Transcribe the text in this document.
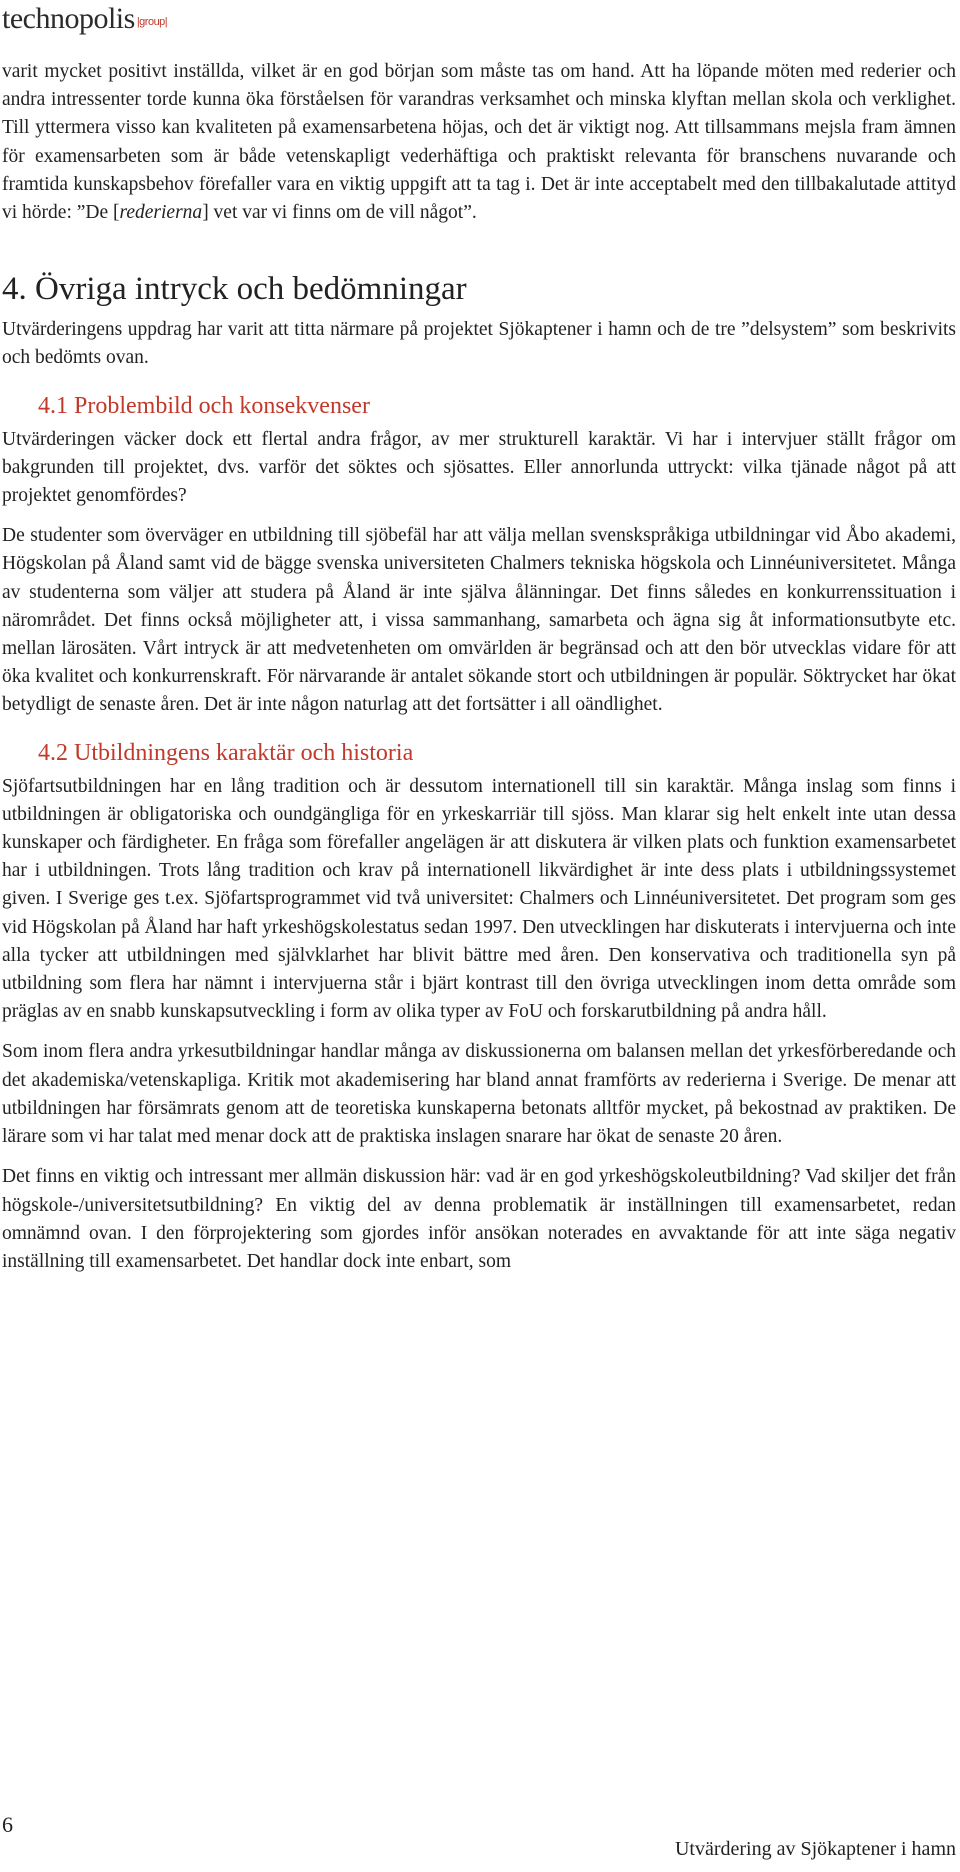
technopolis |group|

varit mycket positivt inställda, vilket är en god början som måste tas om hand. Att ha löpande möten med rederier och andra intressenter torde kunna öka förståelsen för varandras verksamhet och minska klyftan mellan skola och verklighet. Till yttermera visso kan kvaliteten på examensarbetena höjas, och det är viktigt nog. Att tillsammans mejsla fram ämnen för examensarbeten som är både vetenskapligt vederhäftiga och praktiskt relevanta för branschens nuvarande och framtida kunskapsbehov förefaller vara en viktig uppgift att ta tag i. Det är inte acceptabelt med den tillbakalutade attityd vi hörde: ”De [rederierna] vet var vi finns om de vill något”.

4. Övriga intryck och bedömningar

Utvärderingens uppdrag har varit att titta närmare på projektet Sjökaptener i hamn och de tre ”delsystem” som beskrivits och bedömts ovan.

4.1 Problembild och konsekvenser

Utvärderingen väcker dock ett flertal andra frågor, av mer strukturell karaktär. Vi har i intervjuer ställt frågor om bakgrunden till projektet, dvs. varför det söktes och sjösattes. Eller annorlunda uttryckt: vilka tjänade något på att projektet genomfördes?

De studenter som överväger en utbildning till sjöbefäl har att välja mellan svenskspråkiga utbildningar vid Åbo akademi, Högskolan på Åland samt vid de bägge svenska universiteten Chalmers tekniska högskola och Linnéuniversitetet. Många av studenterna som väljer att studera på Åland är inte själva ålänningar. Det finns således en konkurrenssituation i närområdet. Det finns också möjligheter att, i vissa sammanhang, samarbeta och ägna sig åt informationsutbyte etc. mellan lärosäten. Vårt intryck är att medvetenheten om omvärlden är begränsad och att den bör utvecklas vidare för att öka kvalitet och konkurrenskraft. För närvarande är antalet sökande stort och utbildningen är populär. Söktrycket har ökat betydligt de senaste åren. Det är inte någon naturlag att det fortsätter i all oändlighet.

4.2 Utbildningens karaktär och historia

Sjöfartsutbildningen har en lång tradition och är dessutom internationell till sin karaktär. Många inslag som finns i utbildningen är obligatoriska och oundgängliga för en yrkeskarriär till sjöss. Man klarar sig helt enkelt inte utan dessa kunskaper och färdigheter. En fråga som förefaller angelägen är att diskutera är vilken plats och funktion examensarbetet har i utbildningen. Trots lång tradition och krav på internationell likvärdighet är inte dess plats i utbildningssystemet given. I Sverige ges t.ex. Sjöfartsprogrammet vid två universitet: Chalmers och Linnéuniversitetet. Det program som ges vid Högskolan på Åland har haft yrkeshögskolestatus sedan 1997. Den utvecklingen har diskuterats i intervjuerna och inte alla tycker att utbildningen med självklarhet har blivit bättre med åren. Den konservativa och traditionella syn på utbildning som flera har nämnt i intervjuerna står i bjärt kontrast till den övriga utvecklingen inom detta område som präglas av en snabb kunskapsutveckling i form av olika typer av FoU och forskarutbildning på andra håll.

Som inom flera andra yrkesutbildningar handlar många av diskussionerna om balansen mellan det yrkesförberedande och det akademiska/vetenskapliga. Kritik mot akademisering har bland annat framförts av rederierna i Sverige. De menar att utbildningen har försämrats genom att de teoretiska kunskaperna betonats alltför mycket, på bekostnad av praktiken. De lärare som vi har talat med menar dock att de praktiska inslagen snarare har ökat de senaste 20 åren.

Det finns en viktig och intressant mer allmän diskussion här: vad är en god yrkeshögskoleutbildning? Vad skiljer det från högskole-/universitetsutbildning? En viktig del av denna problematik är inställningen till examensarbetet, redan omnämnd ovan. I den förprojektering som gjordes inför ansökan noterades en avvaktande för att inte säga negativ inställning till examensarbetet. Det handlar dock inte enbart, som

6
Utvärdering av Sjökaptener i hamn
